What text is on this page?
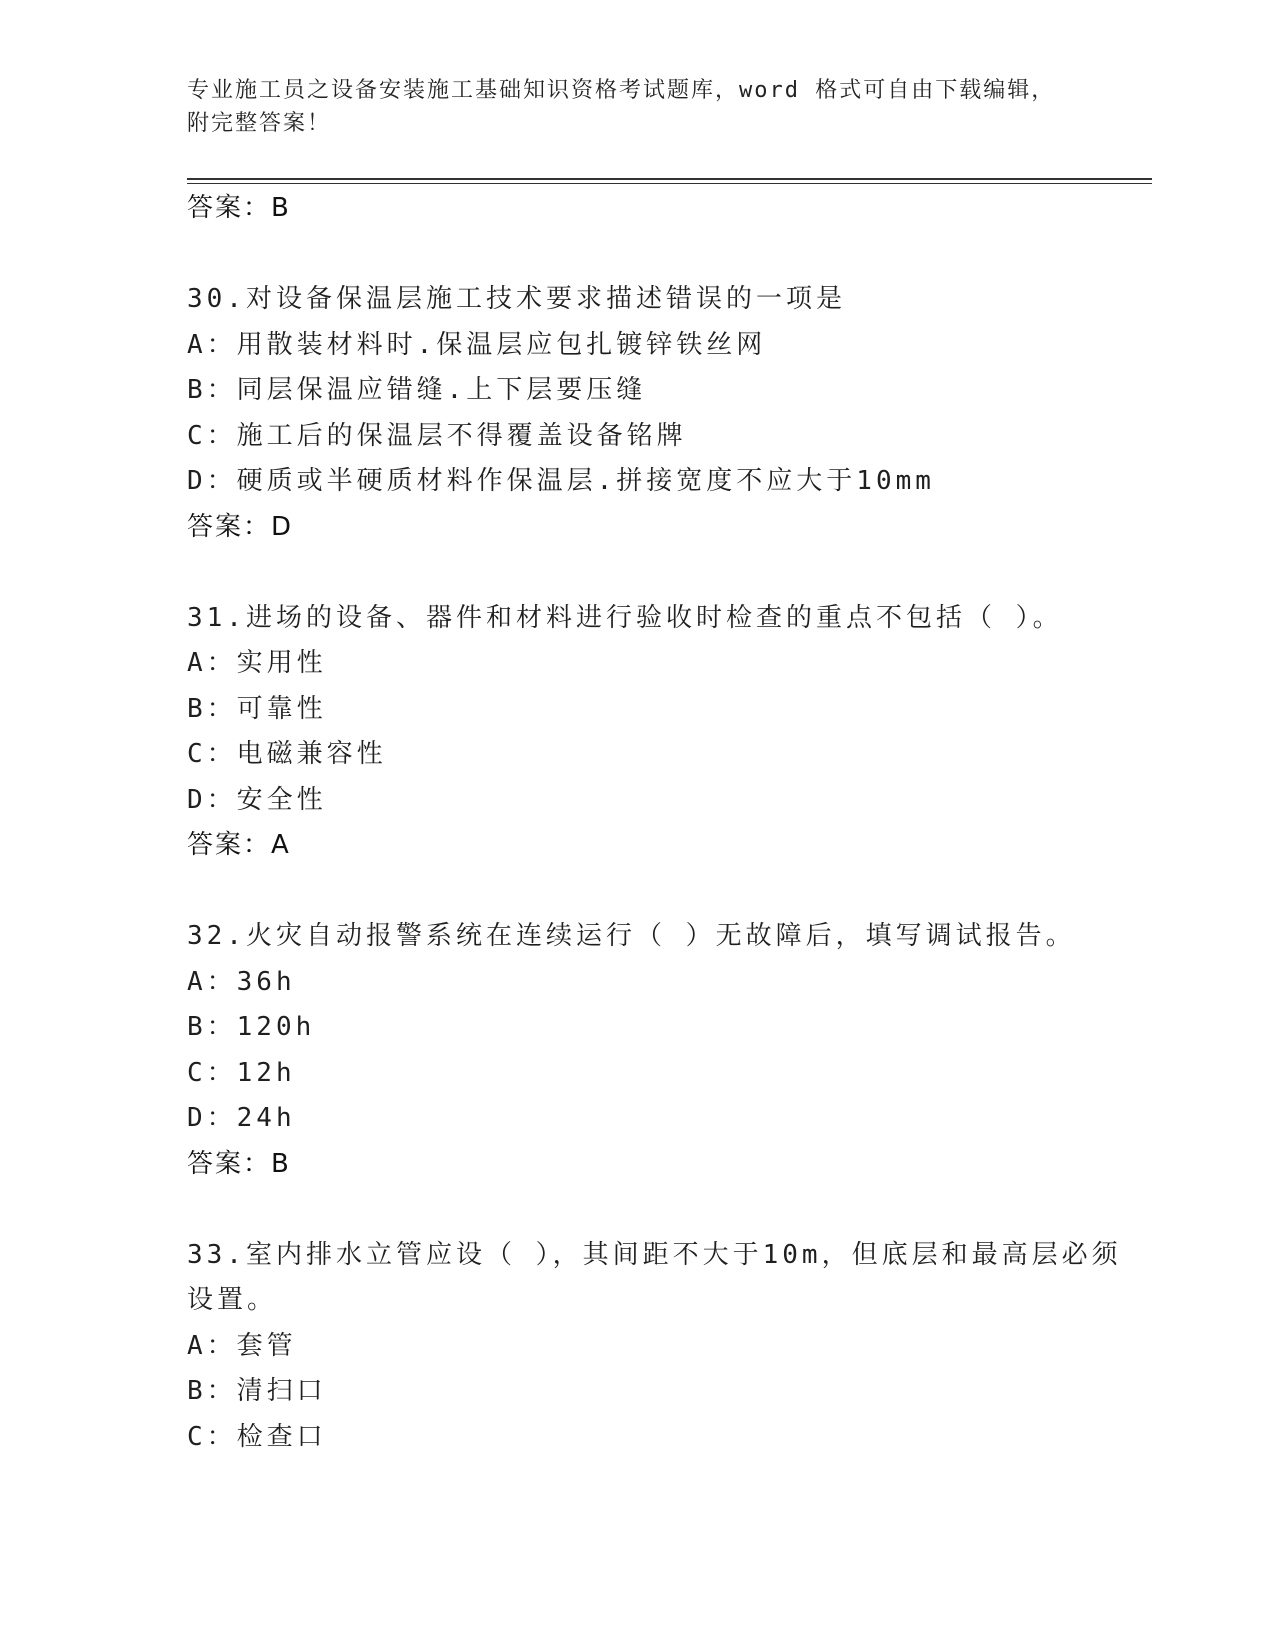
专业施工员之设备安装施工基础知识资格考试题库，word 格式可自由下载编辑，
附完整答案！
答案：B
30.对设备保温层施工技术要求描述错误的一项是
A：用散装材料时.保温层应包扎镀锌铁丝网
B：同层保温应错缝.上下层要压缝
C：施工后的保温层不得覆盖设备铭牌
D：硬质或半硬质材料作保温层.拼接宽度不应大于10mm
答案：D
31.进场的设备、器件和材料进行验收时检查的重点不包括（ ）。
A：实用性
B：可靠性
C：电磁兼容性
D：安全性
答案：A
32.火灾自动报警系统在连续运行（ ）无故障后，填写调试报告。
A：36h
B：120h
C：12h
D：24h
答案：B
33.室内排水立管应设（ ），其间距不大于10m，但底层和最高层必须
设置。
A：套管
B：清扫口
C：检查口
